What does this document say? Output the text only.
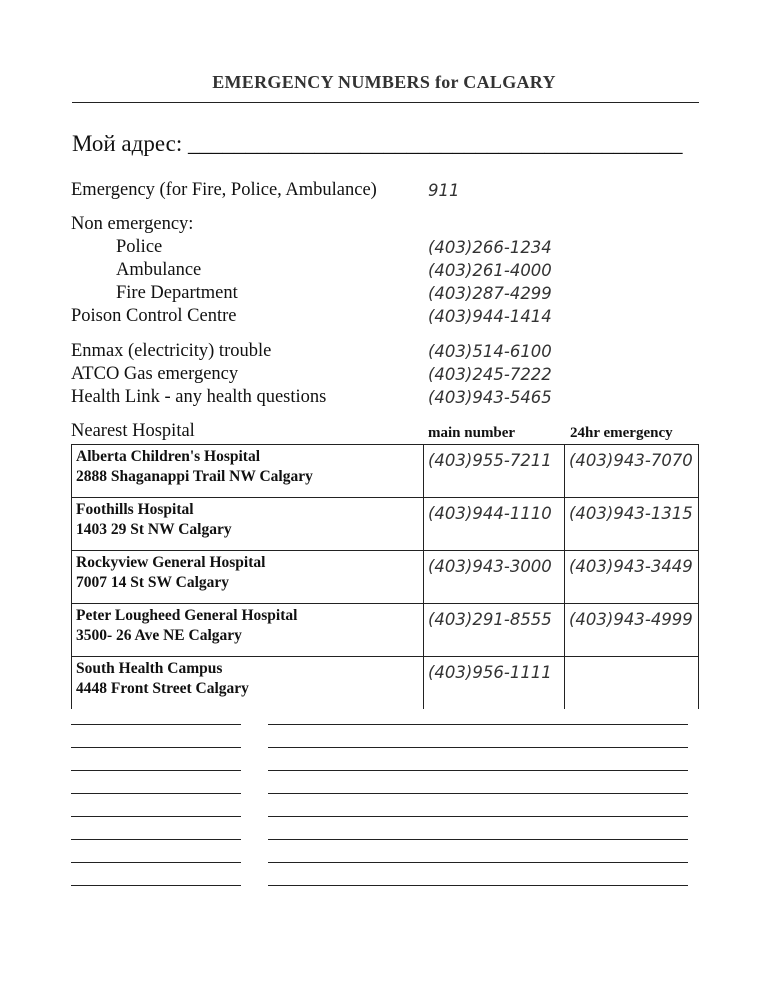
EMERGENCY NUMBERS for CALGARY
Мой адрес: ___________________________________________
Emergency (for Fire, Police, Ambulance)	911
Non emergency:
Police	(403)266-1234
Ambulance	(403)261-4000
Fire Department	(403)287-4299
Poison Control Centre	(403)944-1414
Enmax (electricity) trouble	(403)514-6100
ATCO Gas emergency	(403)245-7222
Health Link - any health questions	(403)943-5465
Nearest Hospital	main number	24hr emergency
Alberta Children's Hospital
2888 Shaganappi Trail NW Calgary	(403)955-7211	(403)943-7070

Foothills Hospital
1403 29 St NW Calgary	(403)944-1110	(403)943-1315

Rockyview General Hospital
7007 14 St SW Calgary	(403)943-3000	(403)943-3449

Peter Lougheed General Hospital
3500- 26 Ave NE Calgary	(403)291-8555	(403)943-4999

South Health Campus
4448 Front Street Calgary	(403)956-1111	
